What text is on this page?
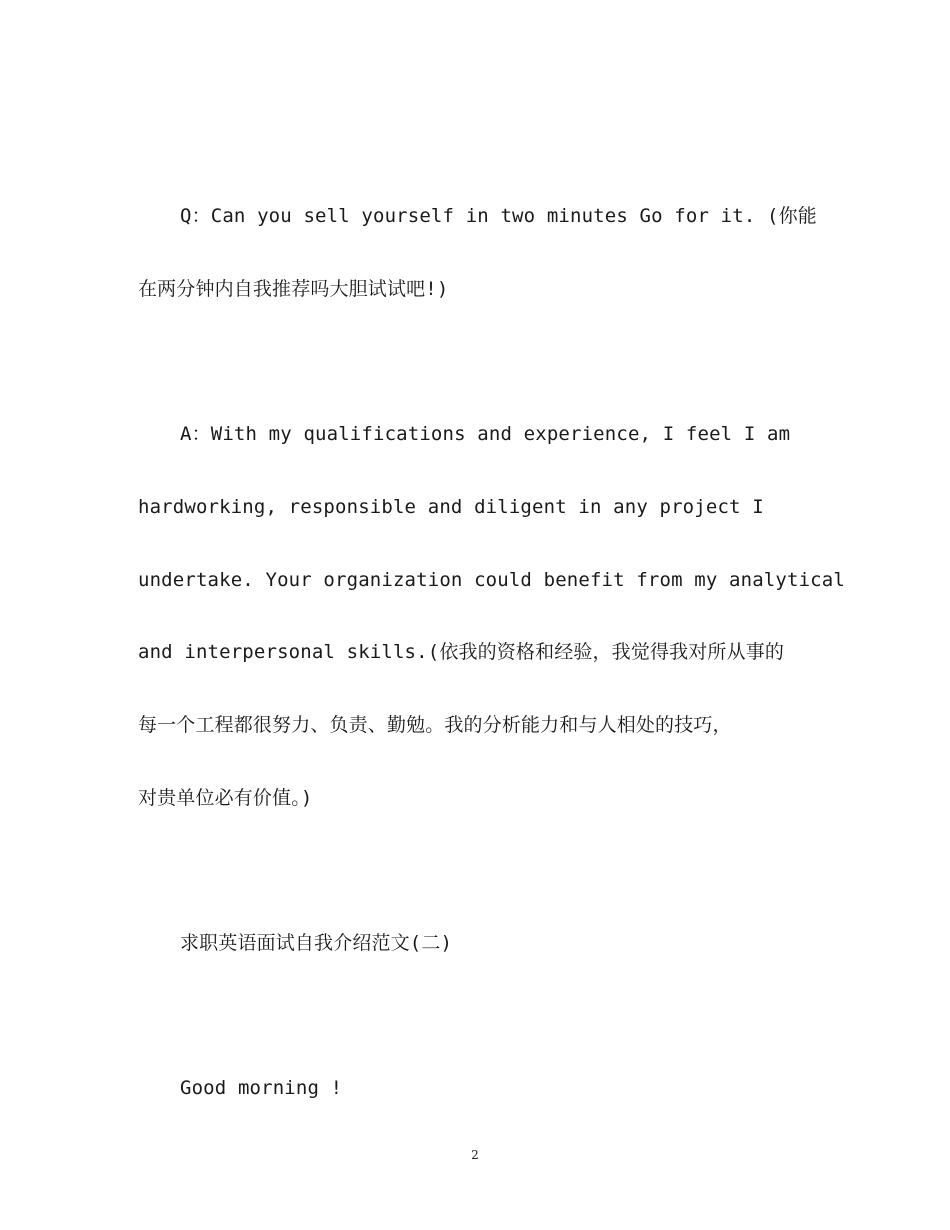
Q：Can you sell yourself in two minutes Go for it. (你能
在两分钟内自我推荐吗大胆试试吧!)
A：With my qualifications and experience, I feel I am
hardworking, responsible and diligent in any project I
undertake. Your organization could benefit from my analytical
and interpersonal skills.(依我的资格和经验，我觉得我对所从事的
每一个工程都很努力、负责、勤勉。我的分析能力和与人相处的技巧，
对贵单位必有价值。)
求职英语面试自我介绍范文(二)
Good morning !
2
